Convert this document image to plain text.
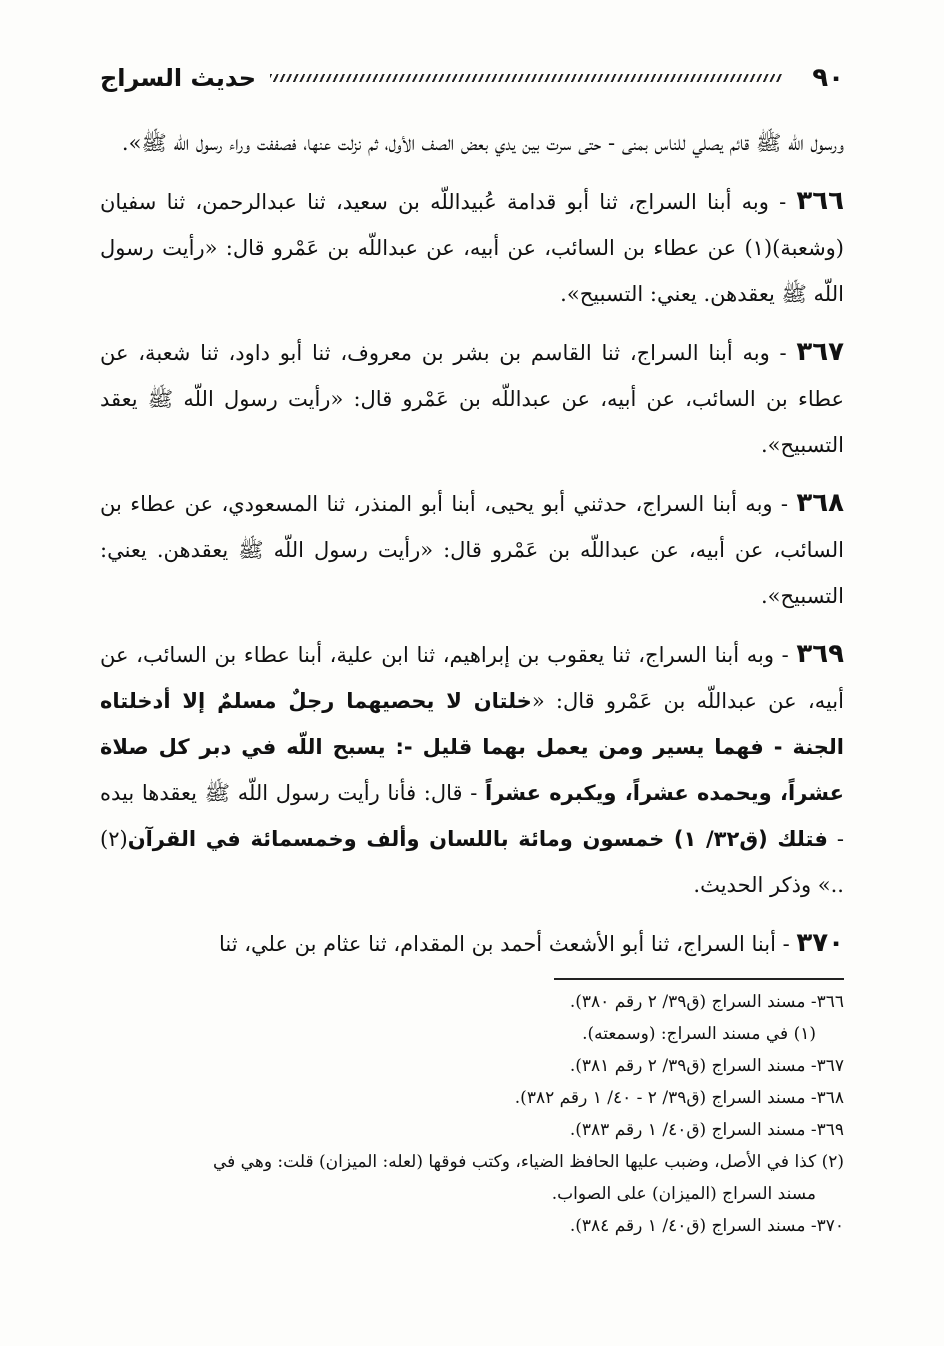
٩٠
حديث السراج

ورسول اللّه ﷺ قائم يصلي للناس بمنى - حتى سرت بين يدي بعض الصف الأول، ثم نزلت عنها، فصففت وراء رسول اللّه ﷺ».

٣٦٦ - وبه أبنا السراج، ثنا أبو قدامة عُبيداللّه بن سعيد، ثنا عبدالرحمن، ثنا سفيان (وشعبة)(١) عن عطاء بن السائب، عن أبيه، عن عبداللّه بن عَمْرو قال: «رأيت رسول اللّه ﷺ يعقدهن. يعني: التسبيح».

٣٦٧ - وبه أبنا السراج، ثنا القاسم بن بشر بن معروف، ثنا أبو داود، ثنا شعبة، عن عطاء بن السائب، عن أبيه، عن عبداللّه بن عَمْرو قال: «رأيت رسول اللّه ﷺ يعقد التسبيح».

٣٦٨ - وبه أبنا السراج، حدثني أبو يحيى، أبنا أبو المنذر، ثنا المسعودي، عن عطاء بن السائب، عن أبيه، عن عبداللّه بن عَمْرو قال: «رأيت رسول اللّه ﷺ يعقدهن. يعني: التسبيح».

٣٦٩ - وبه أبنا السراج، ثنا يعقوب بن إبراهيم، ثنا ابن علية، أبنا عطاء بن السائب، عن أبيه، عن عبداللّه بن عَمْرو قال: «خلتان لا يحصيهما رجلٌ مسلمٌ إلا أدخلتاه الجنة - فهما يسير ومن يعمل بهما قليل -: يسبح اللّه في دبر كل صلاة عشراً، ويحمده عشراً، ويكبره عشراً - قال: فأنا رأيت رسول اللّه ﷺ يعقدها بيده - فتلك (ق٣٢/ ١) خمسون ومائة باللسان وألف وخمسمائة في القرآن(٢) ..» وذكر الحديث.

٣٧٠ - أبنا السراج، ثنا أبو الأشعث أحمد بن المقدام، ثنا عثام بن علي، ثنا

٣٦٦- مسند السراج (ق٣٩/ ٢ رقم ٣٨٠).
(١) في مسند السراج: (وسمعته).
٣٦٧- مسند السراج (ق٣٩/ ٢ رقم ٣٨١).
٣٦٨- مسند السراج (ق٣٩/ ٢ - ٤٠/ ١ رقم ٣٨٢).
٣٦٩- مسند السراج (ق٤٠/ ١ رقم ٣٨٣).
(٢) كذا في الأصل، وضبب عليها الحافظ الضياء، وكتب فوقها (لعله: الميزان) قلت: وهي في
مسند السراج (الميزان) على الصواب.
٣٧٠- مسند السراج (ق٤٠/ ١ رقم ٣٨٤).
